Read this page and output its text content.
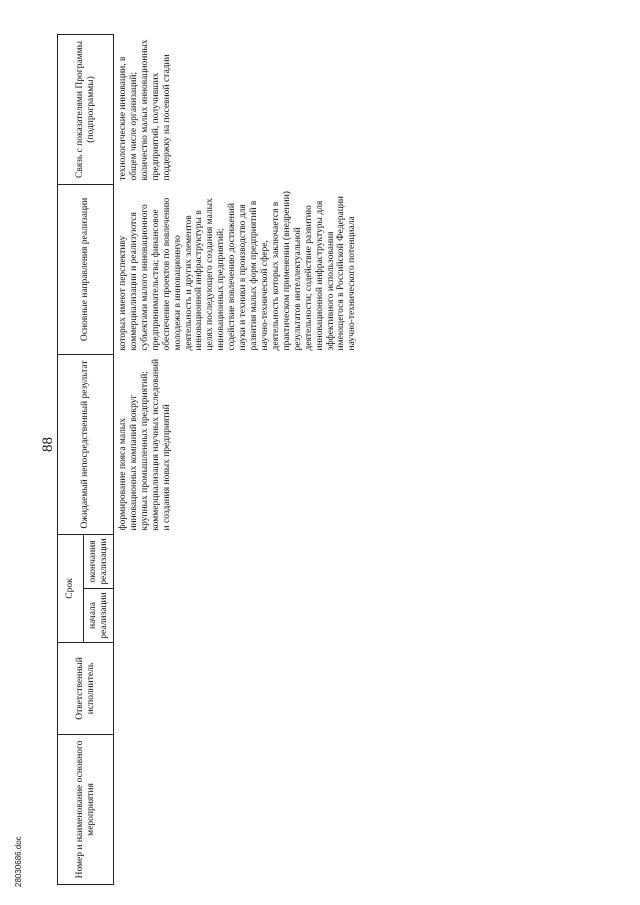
88
Номер и наименование основного мероприятия	Ответственный исполнитель	Срок		Ожидаемый непосредственный результат	Основные направления реализации	Связь с показателями Программы (подпрограммы)
		начала реализации	окончания реализации			
				формирование пояса малых инновационных компаний вокруг крупных промышленных предприятий; коммерциализация научных исследований и создания новых предприятий	которых имеют перспективу коммерциализации и реализуются субъектами малого инновационного предпринимательства; финансовое обеспечение проектов по вовлечению молодежи в инновационную деятельность и других элементов инновационной инфраструктуры в целях последующего создания малых инновационных предприятий; содействие вовлечению достижений науки и техники в производство для развития малых форм предприятий в научно-технической сфере, деятельность которых заключается в практическом применении (внедрении) результатов интеллектуальной деятельности; содействие развитию инновационной инфраструктуры для эффективного использования имеющегося в Российской Федерации научно-технического потенциала	технологические инновации, в общем числе организаций; количество малых инновационных предприятий, получивших поддержку на посевной стадии
28030686.doc
